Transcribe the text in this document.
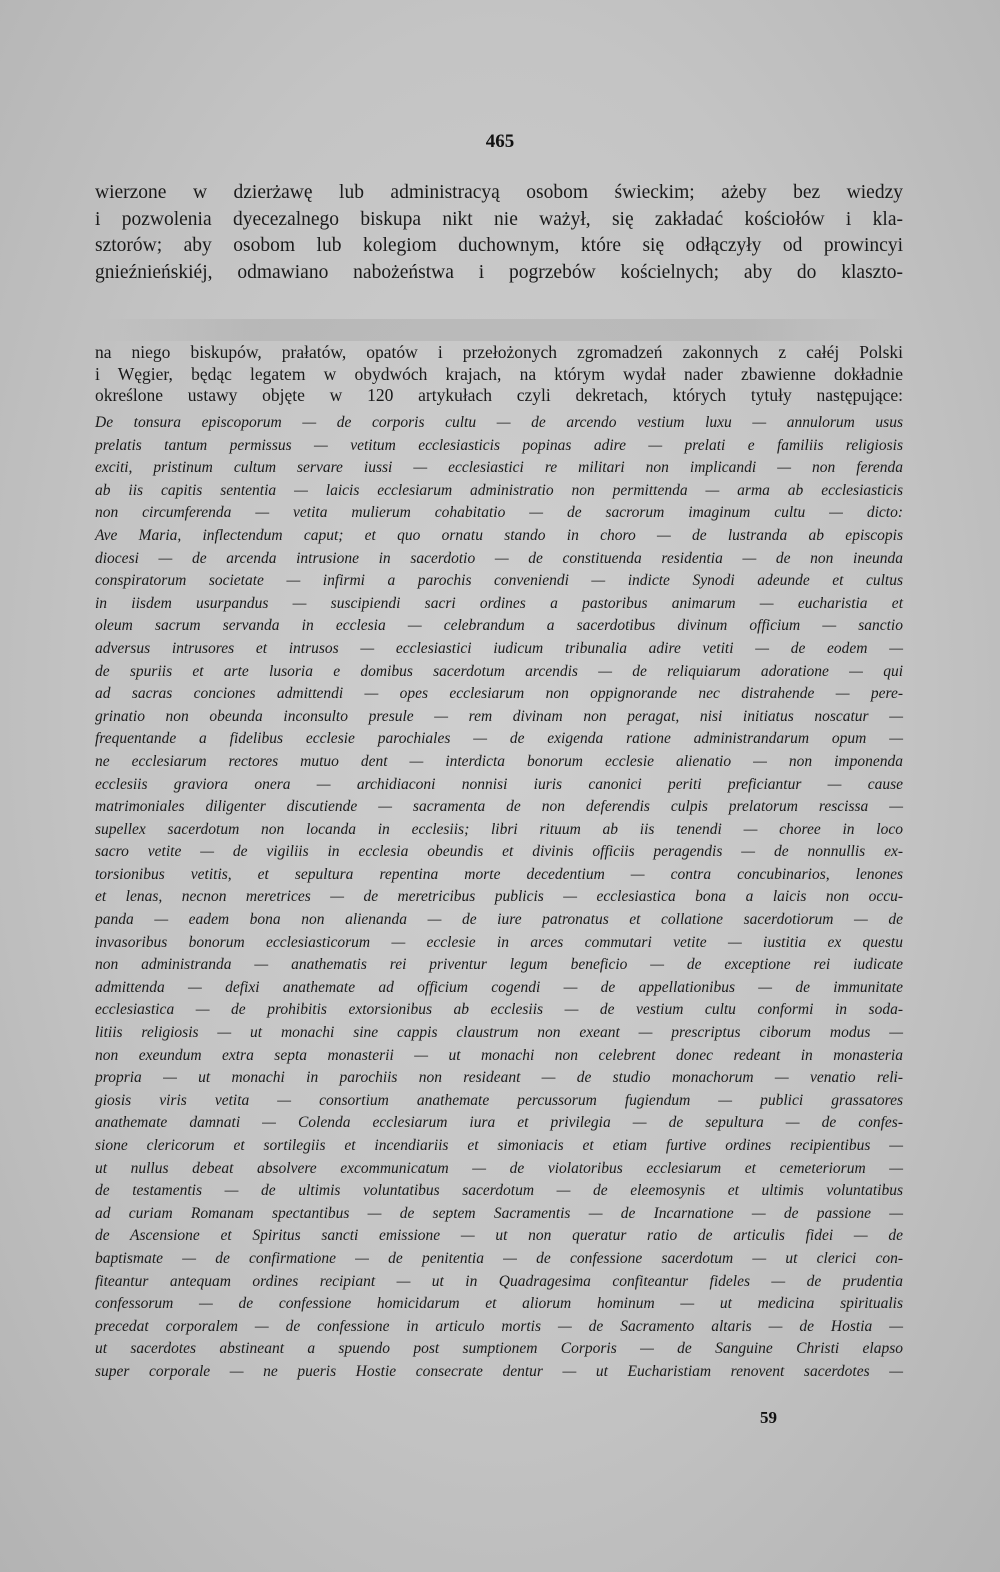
465
wierzone w dzierżawę lub administracyą osobom świeckim; ażeby bez wiedzy
i pozwolenia dyecezalnego biskupa nikt nie ważył, się zakładać kościołów i kla-
sztorów; aby osobom lub kolegiom duchownym, które się odłączyły od prowincyi
gnieźnieńskiéj, odmawiano nabożeństwa i pogrzebów kościelnych; aby do klaszto-
na niego biskupów, prałatów, opatów i przełożonych zgromadzeń zakonnych z całéj Polski
i Węgier, będąc legatem w obydwóch krajach, na którym wydał nader zbawienne dokładnie
określone ustawy objęte w 120 artykułach czyli dekretach, których tytuły następujące:
De tonsura episcoporum — de corporis cultu — de arcendo vestium luxu — annulorum usus
prelatis tantum permissus — vetitum ecclesiasticis popinas adire — prelati e familiis religiosis
exciti, pristinum cultum servare iussi — ecclesiastici re militari non implicandi — non ferenda
ab iis capitis sententia — laicis ecclesiarum administratio non permittenda — arma ab ecclesiasticis
non circumferenda — vetita mulierum cohabitatio — de sacrorum imaginum cultu — dicto:
Ave Maria, inflectendum caput; et quo ornatu stando in choro — de lustranda ab episcopis
diocesi — de arcenda intrusione in sacerdotio — de constituenda residentia — de non ineunda
conspiratorum societate — infirmi a parochis conveniendi — indicte Synodi adeunde et cultus
in iisdem usurpandus — suscipiendi sacri ordines a pastoribus animarum — eucharistia et
oleum sacrum servanda in ecclesia — celebrandum a sacerdotibus divinum officium — sanctio
adversus intrusores et intrusos — ecclesiastici iudicum tribunalia adire vetiti — de eodem —
de spuriis et arte lusoria e domibus sacerdotum arcendis — de reliquiarum adoratione — qui
ad sacras conciones admittendi — opes ecclesiarum non oppignorande nec distrahende — pere-
grinatio non obeunda inconsulto presule — rem divinam non peragat, nisi initiatus noscatur —
frequentande a fidelibus ecclesie parochiales — de exigenda ratione administrandarum opum —
ne ecclesiarum rectores mutuo dent — interdicta bonorum ecclesie alienatio — non imponenda
ecclesiis graviora onera — archidiaconi nonnisi iuris canonici periti preficiantur — cause
matrimoniales diligenter discutiende — sacramenta de non deferendis culpis prelatorum rescissa —
supellex sacerdotum non locanda in ecclesiis; libri rituum ab iis tenendi — choree in loco
sacro vetite — de vigiliis in ecclesia obeundis et divinis officiis peragendis — de nonnullis ex-
torsionibus vetitis, et sepultura repentina morte decedentium — contra concubinarios, lenones
et lenas, necnon meretrices — de meretricibus publicis — ecclesiastica bona a laicis non occu-
panda — eadem bona non alienanda — de iure patronatus et collatione sacerdotiorum — de
invasoribus bonorum ecclesiasticorum — ecclesie in arces commutari vetite — iustitia ex questu
non administranda — anathematis rei priventur legum beneficio — de exceptione rei iudicate
admittenda — defixi anathemate ad officium cogendi — de appellationibus — de immunitate
ecclesiastica — de prohibitis extorsionibus ab ecclesiis — de vestium cultu conformi in soda-
litiis religiosis — ut monachi sine cappis claustrum non exeant — prescriptus ciborum modus —
non exeundum extra septa monasterii — ut monachi non celebrent donec redeant in monasteria
propria — ut monachi in parochiis non resideant — de studio monachorum — venatio reli-
giosis viris vetita — consortium anathemate percussorum fugiendum — publici grassatores
anathemate damnati — Colenda ecclesiarum iura et privilegia — de sepultura — de confes-
sione clericorum et sortilegiis et incendiariis et simoniacis et etiam furtive ordines recipientibus —
ut nullus debeat absolvere excommunicatum — de violatoribus ecclesiarum et cemeteriorum —
de testamentis — de ultimis voluntatibus sacerdotum — de eleemosynis et ultimis voluntatibus
ad curiam Romanam spectantibus — de septem Sacramentis — de Incarnatione — de passione —
de Ascensione et Spiritus sancti emissione — ut non queratur ratio de articulis fidei — de
baptismate — de confirmatione — de penitentia — de confessione sacerdotum — ut clerici con-
fiteantur antequam ordines recipiant — ut in Quadragesima confiteantur fideles — de prudentia
confessorum — de confessione homicidarum et aliorum hominum — ut medicina spiritualis
precedat corporalem — de confessione in articulo mortis — de Sacramento altaris — de Hostia —
ut sacerdotes abstineant a spuendo post sumptionem Corporis — de Sanguine Christi elapso
super corporale — ne pueris Hostie consecrate dentur — ut Eucharistiam renovent sacerdotes —
59
